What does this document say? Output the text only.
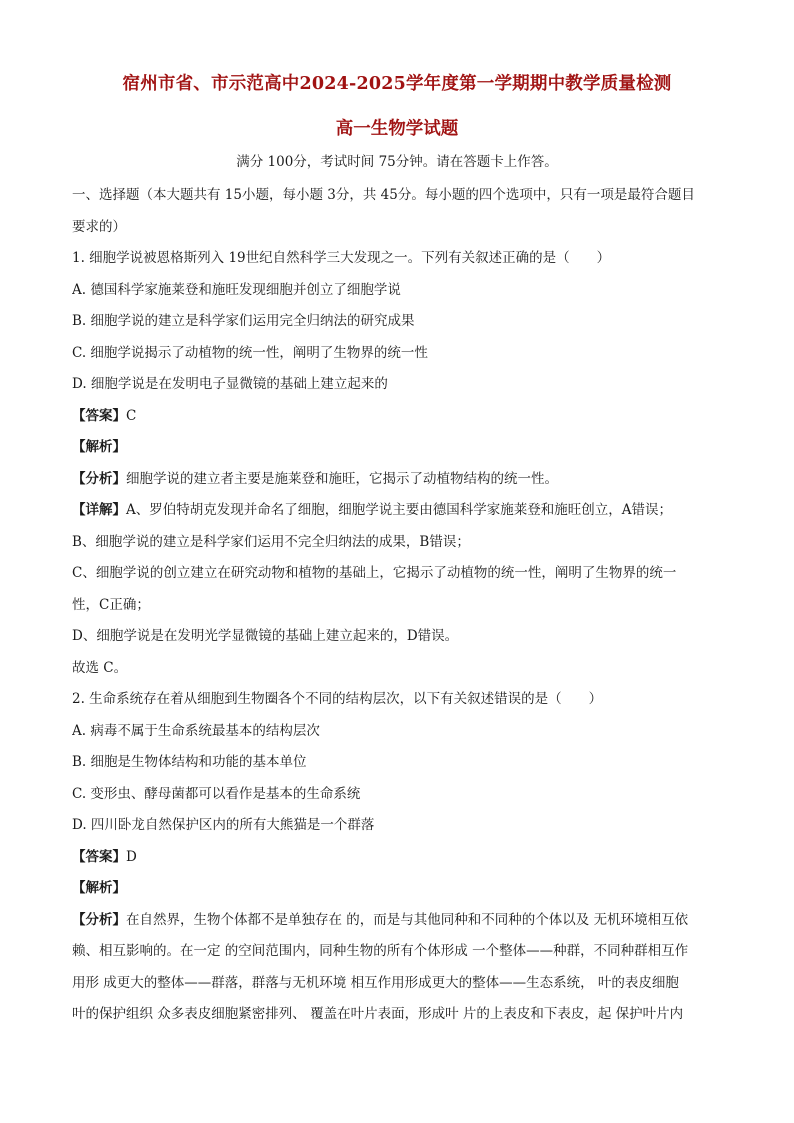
宿州市省、市示范高中2024-2025学年度第一学期期中教学质量检测
高一生物学试题
满分 100分，考试时间 75分钟。请在答题卡上作答。
一、选择题（本大题共有 15小题，每小题 3分，共 45分。每小题的四个选项中，只有一项是最符合题目
要求的）
1. 细胞学说被恩格斯列入 19世纪自然科学三大发现之一。下列有关叙述正确的是（　　）
A. 德国科学家施莱登和施旺发现细胞并创立了细胞学说
B. 细胞学说的建立是科学家们运用完全归纳法的研究成果
C. 细胞学说揭示了动植物的统一性，阐明了生物界的统一性
D. 细胞学说是在发明电子显微镜的基础上建立起来的
【答案】C
【解析】
【分析】细胞学说的建立者主要是施莱登和施旺，它揭示了动植物结构的统一性。
【详解】A、罗伯特胡克发现并命名了细胞，细胞学说主要由德国科学家施莱登和施旺创立，A错误；
B、细胞学说的建立是科学家们运用不完全归纳法的成果，B错误；
C、细胞学说的创立建立在研究动物和植物的基础上，它揭示了动植物的统一性，阐明了生物界的统一
性，C正确；
D、细胞学说是在发明光学显微镜的基础上建立起来的，D错误。
故选 C。
2. 生命系统存在着从细胞到生物圈各个不同的结构层次，以下有关叙述错误的是（　　）
A. 病毒不属于生命系统最基本的结构层次
B. 细胞是生物体结构和功能的基本单位
C. 变形虫、酵母菌都可以看作是基本的生命系统
D. 四川卧龙自然保护区内的所有大熊猫是一个群落
【答案】D
【解析】
【分析】在自然界，生物个体都不是单独存在 的，而是与其他同种和不同种的个体以及 无机环境相互依
赖、相互影响的。在一定 的空间范围内，同种生物的所有个体形成 一个整体——种群，不同种群相互作
用形 成更大的整体——群落，群落与无机环境 相互作用形成更大的整体——生态系统， 叶的表皮细胞
叶的保护组织 众多表皮细胞紧密排列、 覆盖在叶片表面，形成叶 片的上表皮和下表皮，起 保护叶片内
